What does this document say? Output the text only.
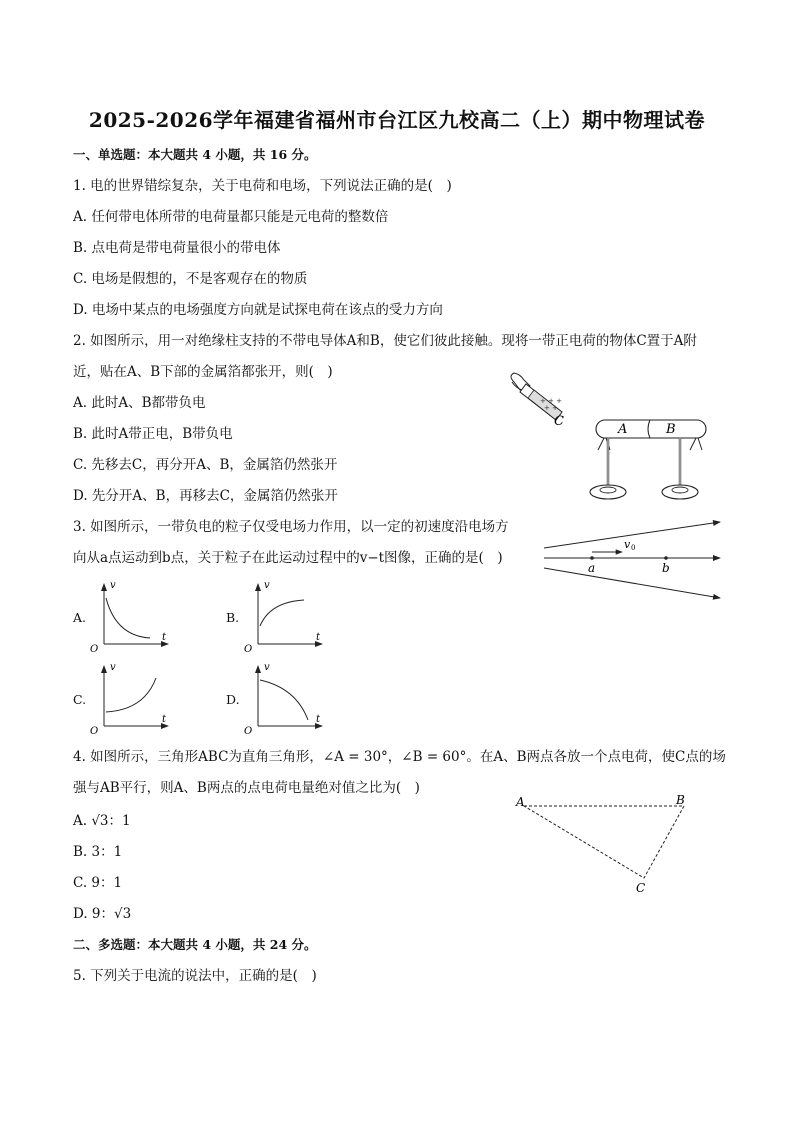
2025-2026学年福建省福州市台江区九校高二（上）期中物理试卷
一、单选题：本大题共 4 小题，共 16 分。
1. 电的世界错综复杂，关于电荷和电场，下列说法正确的是(　)
A. 任何带电体所带的电荷量都只能是元电荷的整数倍
B. 点电荷是带电荷量很小的带电体
C. 电场是假想的，不是客观存在的物质
D. 电场中某点的电场强度方向就是试探电荷在该点的受力方向
2. 如图所示，用一对绝缘柱支持的不带电导体A和B，使它们彼此接触。现将一带正电荷的物体C置于A附
近，贴在A、B下部的金属箔都张开，则(　)
A. 此时A、B都带负电
B. 此时A带正电，B带负电
C. 先移去C，再分开A、B，金属箔仍然张开
D. 先分开A、B，再移去C，金属箔仍然张开
+ + +
+ +
C
A	B
3. 如图所示，一带负电的粒子仅受电场力作用，以一定的初速度沿电场方
向从a点运动到b点，关于粒子在此运动过程中的v−t图像，正确的是(　)
v 0
a	b
A.
v
t
O
B.
v
t
O
C.
v
t
O
D.
v
t
O
4. 如图所示，三角形ABC为直角三角形，∠A = 30°，∠B = 60°。在A、B两点各放一个点电荷，使C点的场
强与AB平行，则A、B两点的点电荷电量绝对值之比为(　)
A. √3：1
B. 3：1
C. 9：1
D. 9：√3
A	B
C
二、多选题：本大题共 4 小题，共 24 分。
5. 下列关于电流的说法中，正确的是(　)
